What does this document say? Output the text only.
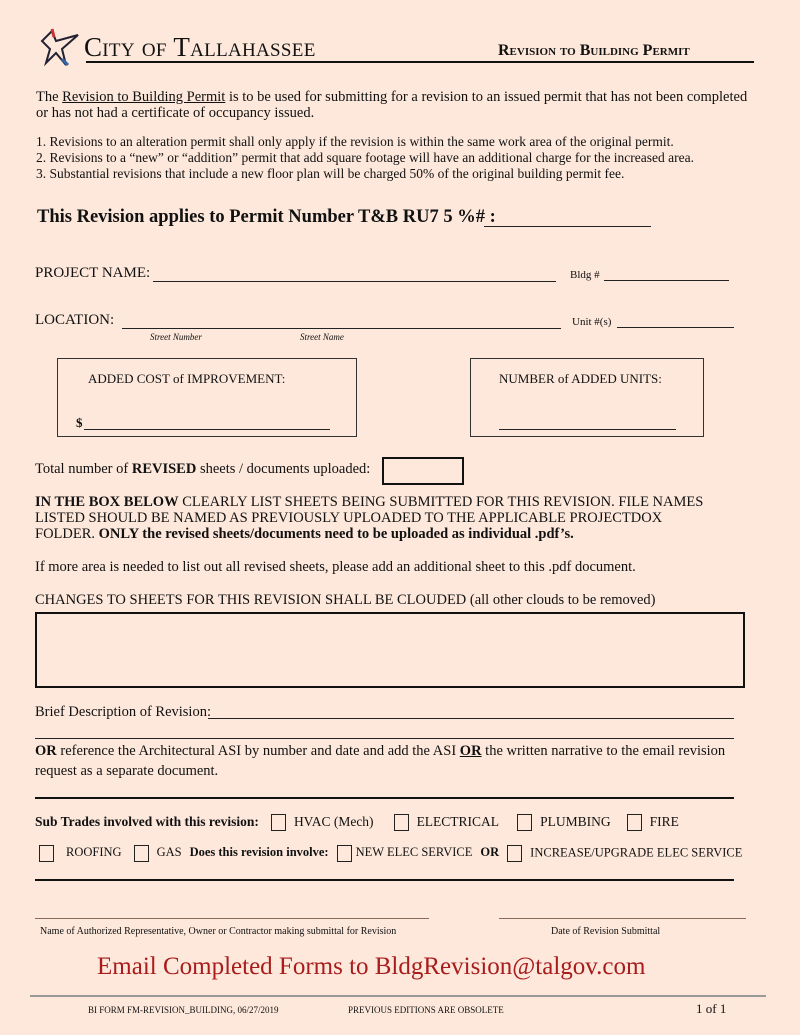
City of Tallahassee	Revision to Building Permit
The Revision to Building Permit is to be used for submitting for a revision to an issued permit that has not been completed
or has not had a certificate of occupancy issued.
1. Revisions to an alteration permit shall only apply if the revision is within the same work area of the original permit.
2. Revisions to a “new” or “addition” permit that add square footage will have an additional charge for the increased area.
3. Substantial revisions that include a new floor plan will be charged 50% of the original building permit fee.
This Revision applies to Permit Number T&B RU7 5 %# :
PROJECT NAME:	Bldg #
LOCATION:	Unit #(s)
Street Number	Street Name
ADDED COST of IMPROVEMENT:
$
NUMBER of ADDED UNITS:
Total number of REVISED sheets / documents uploaded:
IN THE BOX BELOW CLEARLY LIST SHEETS BEING SUBMITTED FOR THIS REVISION. FILE NAMES
LISTED SHOULD BE NAMED AS PREVIOUSLY UPLOADED TO THE APPLICABLE PROJECTDOX
FOLDER. ONLY the revised sheets/documents need to be uploaded as individual .pdf’s.
If more area is needed to list out all revised sheets, please add an additional sheet to this .pdf document.
CHANGES TO SHEETS FOR THIS REVISION SHALL BE CLOUDED (all other clouds to be removed)
Brief Description of Revision:
OR reference the Architectural ASI by number and date and add the ASI OR the written narrative to the email revision
request as a separate document.
Sub Trades involved with this revision:	HVAC (Mech)	ELECTRICAL	PLUMBING	FIRE
ROOFING	GAS Does this revision involve: NEW ELEC SERVICE OR INCREASE/UPGRADE ELEC SERVICE
Name of Authorized Representative, Owner or Contractor making submittal for Revision	Date of Revision Submittal
Email Completed Forms to BldgRevision@talgov.com
BI FORM FM-REVISION_BUILDING, 06/27/2019	PREVIOUS EDITIONS ARE OBSOLETE	1 of 1
